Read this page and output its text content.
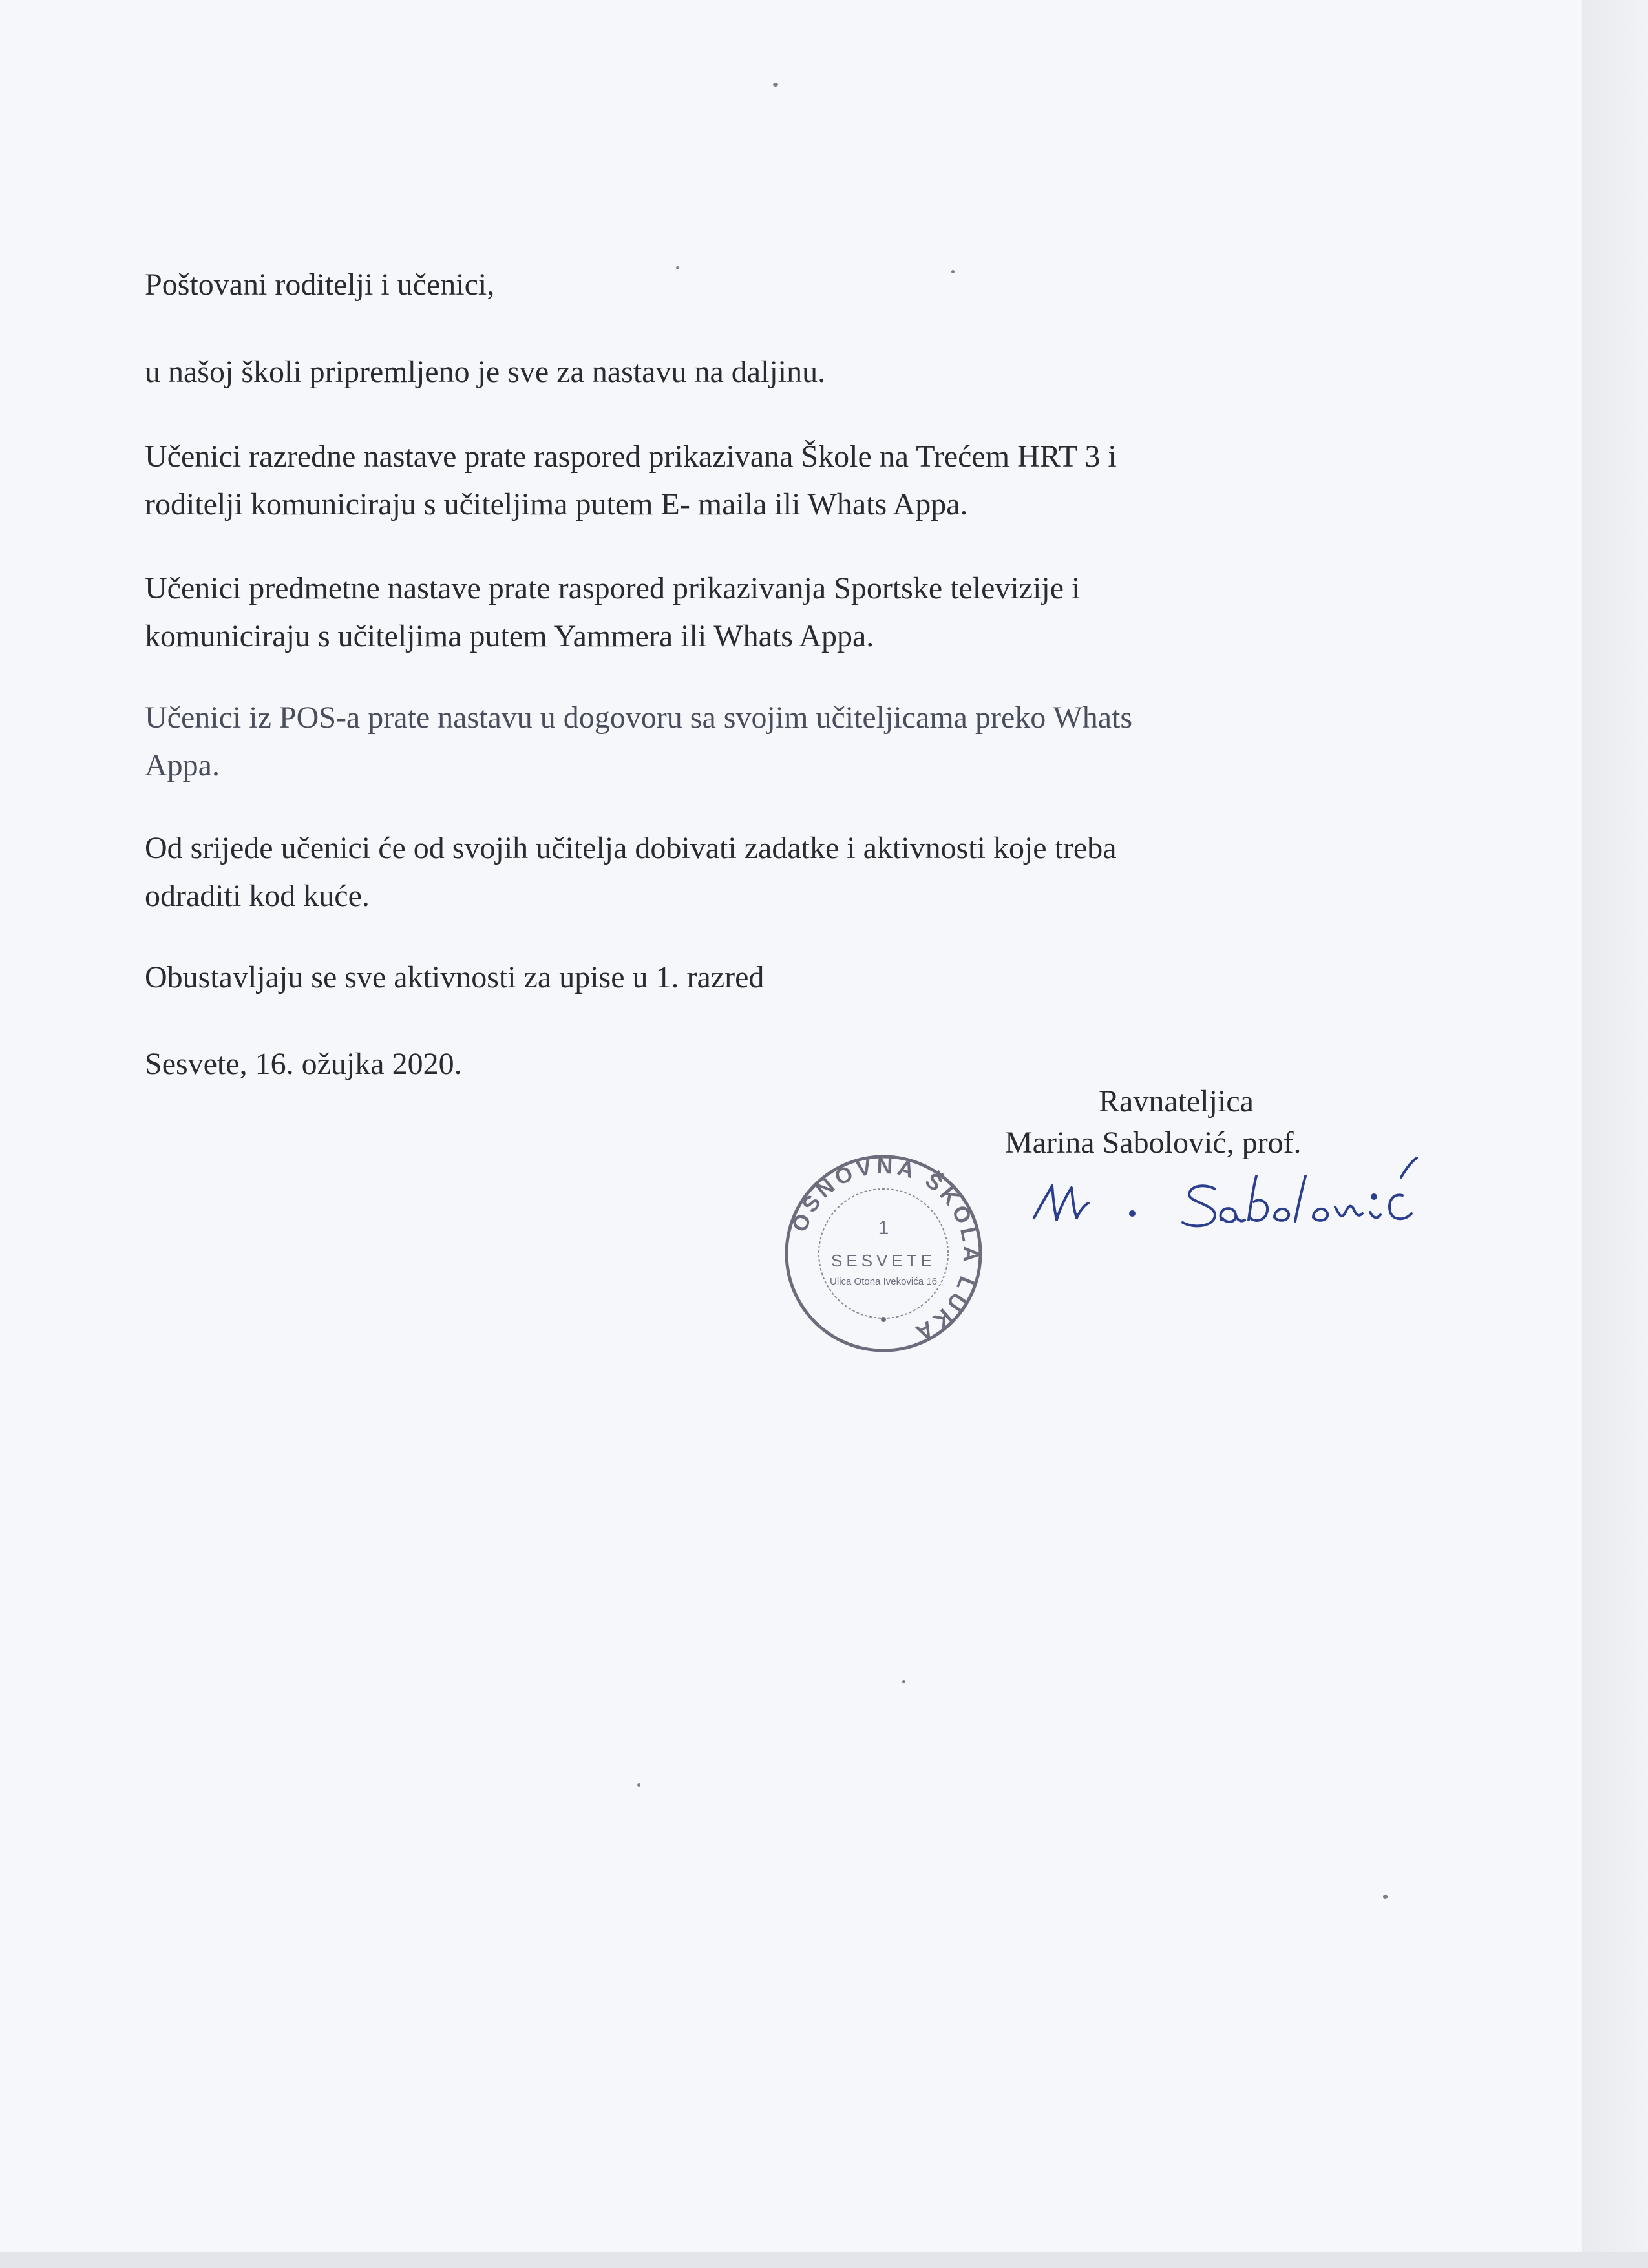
Poštovani roditelji i učenici,

u našoj školi pripremljeno je sve za nastavu na daljinu.

Učenici razredne nastave prate raspored prikazivana Škole na Trećem HRT 3 i
roditelji komuniciraju s učiteljima putem E- maila ili Whats Appa.

Učenici predmetne nastave prate raspored prikazivanja Sportske televizije i
komuniciraju s učiteljima putem Yammera ili Whats Appa.

Učenici iz POS-a prate nastavu u dogovoru sa svojim učiteljicama preko Whats
Appa.

Od srijede učenici će od svojih učitelja dobivati zadatke i aktivnosti koje treba
odraditi kod kuće.

Obustavljaju se sve aktivnosti za upise u 1. razred

Sesvete, 16. ožujka 2020.

Ravnateljica
Marina Sabolović, prof.
OSNOVNA ŠKOLA LUKA
1
SESVETE
Ulica Otona Ivekovića 16
